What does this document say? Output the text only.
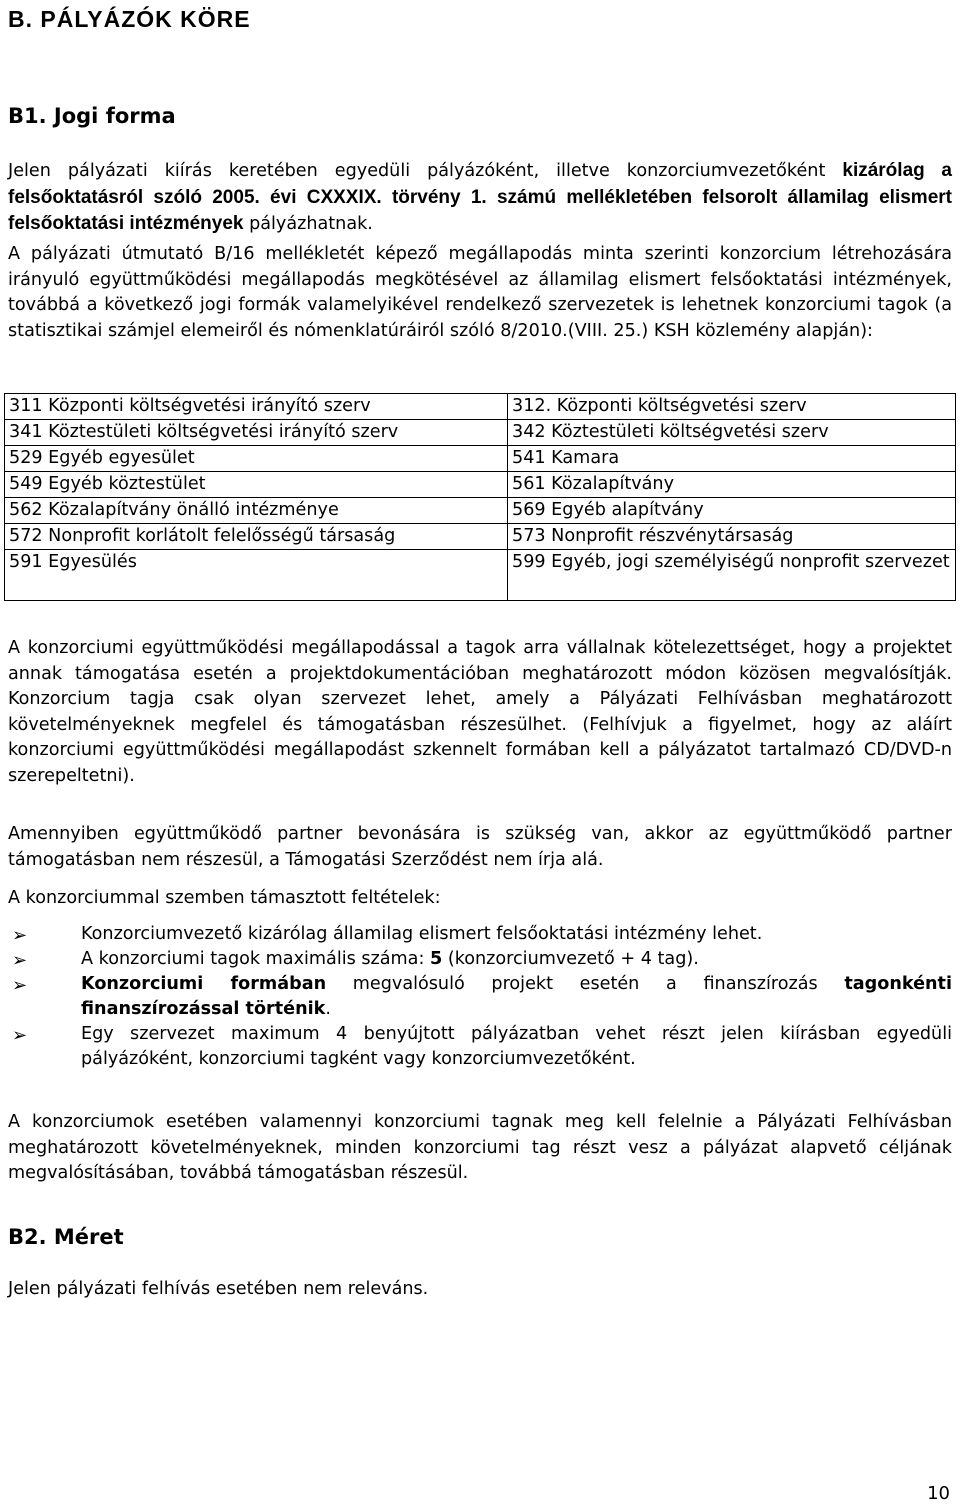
B. PÁLYÁZÓK KÖRE
B1. Jogi forma

Jelen pályázati kiírás keretében egyedüli pályázóként, illetve konzorciumvezetőként kizárólag a felsőoktatásról szóló 2005. évi CXXXIX. törvény 1. számú mellékletében felsorolt államilag elismert felsőoktatási intézmények pályázhatnak.

A pályázati útmutató B/16 mellékletét képező megállapodás minta szerinti konzorcium létrehozására irányuló együttműködési megállapodás megkötésével az államilag elismert felsőoktatási intézmények, továbbá a következő jogi formák valamelyikével rendelkező szervezetek is lehetnek konzorciumi tagok (a statisztikai számjel elemeiről és nómenklatúráiról szóló 8/2010.(VIII. 25.) KSH közlemény alapján):

311 Központi költségvetési irányító szerv	312. Központi költségvetési szerv
341 Köztestületi költségvetési irányító szerv	342 Köztestületi költségvetési szerv
529 Egyéb egyesület	541 Kamara
549 Egyéb köztestület	561 Közalapítvány
562 Közalapítvány önálló intézménye	569 Egyéb alapítvány
572 Nonprofit korlátolt felelősségű társaság	573 Nonprofit részvénytársaság
591 Egyesülés	599 Egyéb, jogi személyiségű nonprofit szervezet

A konzorciumi együttműködési megállapodással a tagok arra vállalnak kötelezettséget, hogy a projektet annak támogatása esetén a projektdokumentációban meghatározott módon közösen megvalósítják. Konzorcium tagja csak olyan szervezet lehet, amely a Pályázati Felhívásban meghatározott követelményeknek megfelel és támogatásban részesülhet. (Felhívjuk a figyelmet, hogy az aláírt konzorciumi együttműködési megállapodást szkennelt formában kell a pályázatot tartalmazó CD/DVD-n szerepeltetni).

Amennyiben együttműködő partner bevonására is szükség van, akkor az együttműködő partner támogatásban nem részesül, a Támogatási Szerződést nem írja alá.

A konzorciummal szemben támasztott feltételek:

➢	Konzorciumvezető kizárólag államilag elismert felsőoktatási intézmény lehet.
➢	A konzorciumi tagok maximális száma: 5 (konzorciumvezető + 4 tag).
➢	Konzorciumi formában megvalósuló projekt esetén a finanszírozás tagonkénti finanszírozással történik.
➢	Egy szervezet maximum 4 benyújtott pályázatban vehet részt jelen kiírásban egyedüli pályázóként, konzorciumi tagként vagy konzorciumvezetőként.

A konzorciumok esetében valamennyi konzorciumi tagnak meg kell felelnie a Pályázati Felhívásban meghatározott követelményeknek, minden konzorciumi tag részt vesz a pályázat alapvető céljának megvalósításában, továbbá támogatásban részesül.

B2. Méret

Jelen pályázati felhívás esetében nem releváns.

10
